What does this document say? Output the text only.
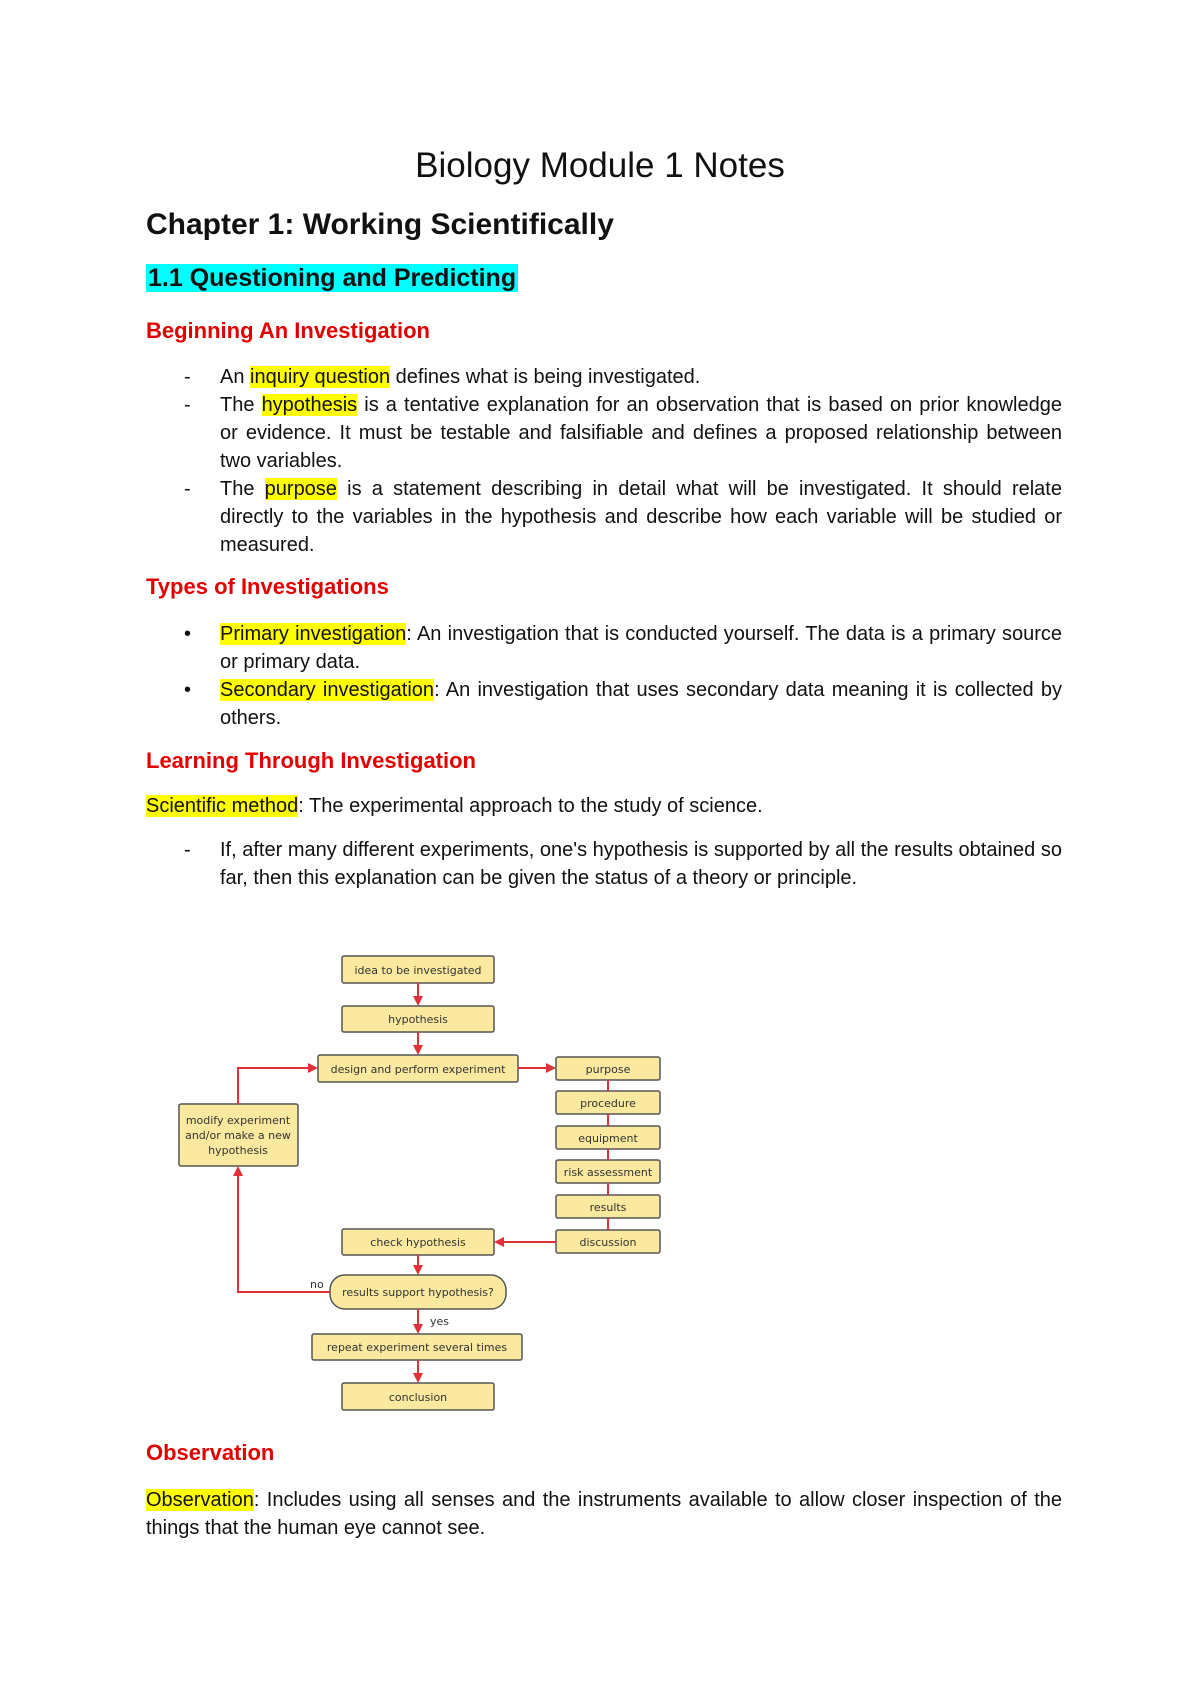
Biology Module 1 Notes
Chapter 1: Working Scientifically
1.1 Questioning and Predicting
Beginning An Investigation
- An inquiry question defines what is being investigated.
- The hypothesis is a tentative explanation for an observation that is based on prior knowledge or evidence. It must be testable and falsifiable and defines a proposed relationship between two variables.
- The purpose is a statement describing in detail what will be investigated. It should relate directly to the variables in the hypothesis and describe how each variable will be studied or measured.
Types of Investigations
• Primary investigation: An investigation that is conducted yourself. The data is a primary source or primary data.
• Secondary investigation: An investigation that uses secondary data meaning it is collected by others.
Learning Through Investigation

Scientific method: The experimental approach to the study of science.

- If, after many different experiments, one's hypothesis is supported by all the results obtained so far, then this explanation can be given the status of a theory or principle.
idea to be investigated
hypothesis
design and perform experiment	purpose
procedure
equipment
risk assessment
results
discussion
check hypothesis
results support hypothesis?
repeat experiment several times
conclusion
modify experiment
and/or make a new
hypothesis
no
yes
Observation

Observation: Includes using all senses and the instruments available to allow closer inspection of the things that the human eye cannot see.
